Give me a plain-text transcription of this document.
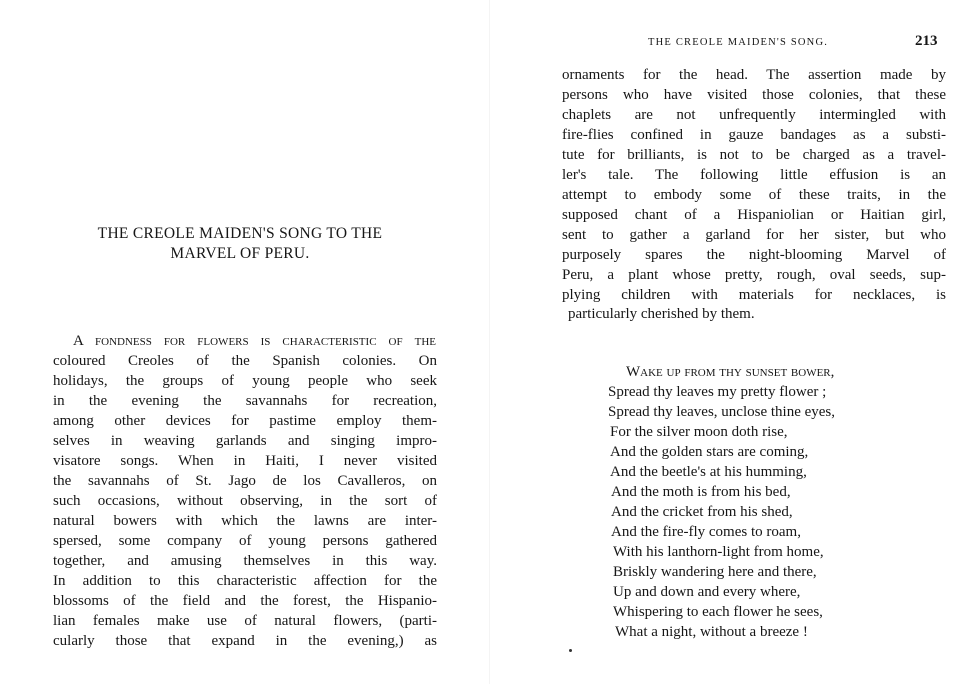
THE CREOLE MAIDEN'S SONG TO THE
MARVEL OF PERU.
A fondness for flowers is characteristic of the
coloured Creoles of the Spanish colonies. On
holidays, the groups of young people who seek
in the evening the savannahs for recreation,
among other devices for pastime employ them-
selves in weaving garlands and singing impro-
visatore songs. When in Haiti, I never visited
the savannahs of St. Jago de los Cavalleros, on
such occasions, without observing, in the sort of
natural bowers with which the lawns are inter-
spersed, some company of young persons gathered
together, and amusing themselves in this way.
In addition to this characteristic affection for the
blossoms of the field and the forest, the Hispanio-
lian females make use of natural flowers, (parti-
cularly those that expand in the evening,) as
THE CREOLE MAIDEN'S SONG.	213
ornaments for the head. The assertion made by
persons who have visited those colonies, that these
chaplets are not unfrequently intermingled with
fire-flies confined in gauze bandages as a substi-
tute for brilliants, is not to be charged as a travel-
ler's tale. The following little effusion is an
attempt to embody some of these traits, in the
supposed chant of a Hispaniolian or Haitian girl,
sent to gather a garland for her sister, but who
purposely spares the night-blooming Marvel of
Peru, a plant whose pretty, rough, oval seeds, sup-
plying children with materials for necklaces, is
particularly cherished by them.
Wake up from thy sunset bower,
Spread thy leaves my pretty flower ;
Spread thy leaves, unclose thine eyes,
For the silver moon doth rise,
And the golden stars are coming,
And the beetle's at his humming,
And the moth is from his bed,
And the cricket from his shed,
And the fire-fly comes to roam,
With his lanthorn-light from home,
Briskly wandering here and there,
Up and down and every where,
Whispering to each flower he sees,
What a night, without a breeze !
